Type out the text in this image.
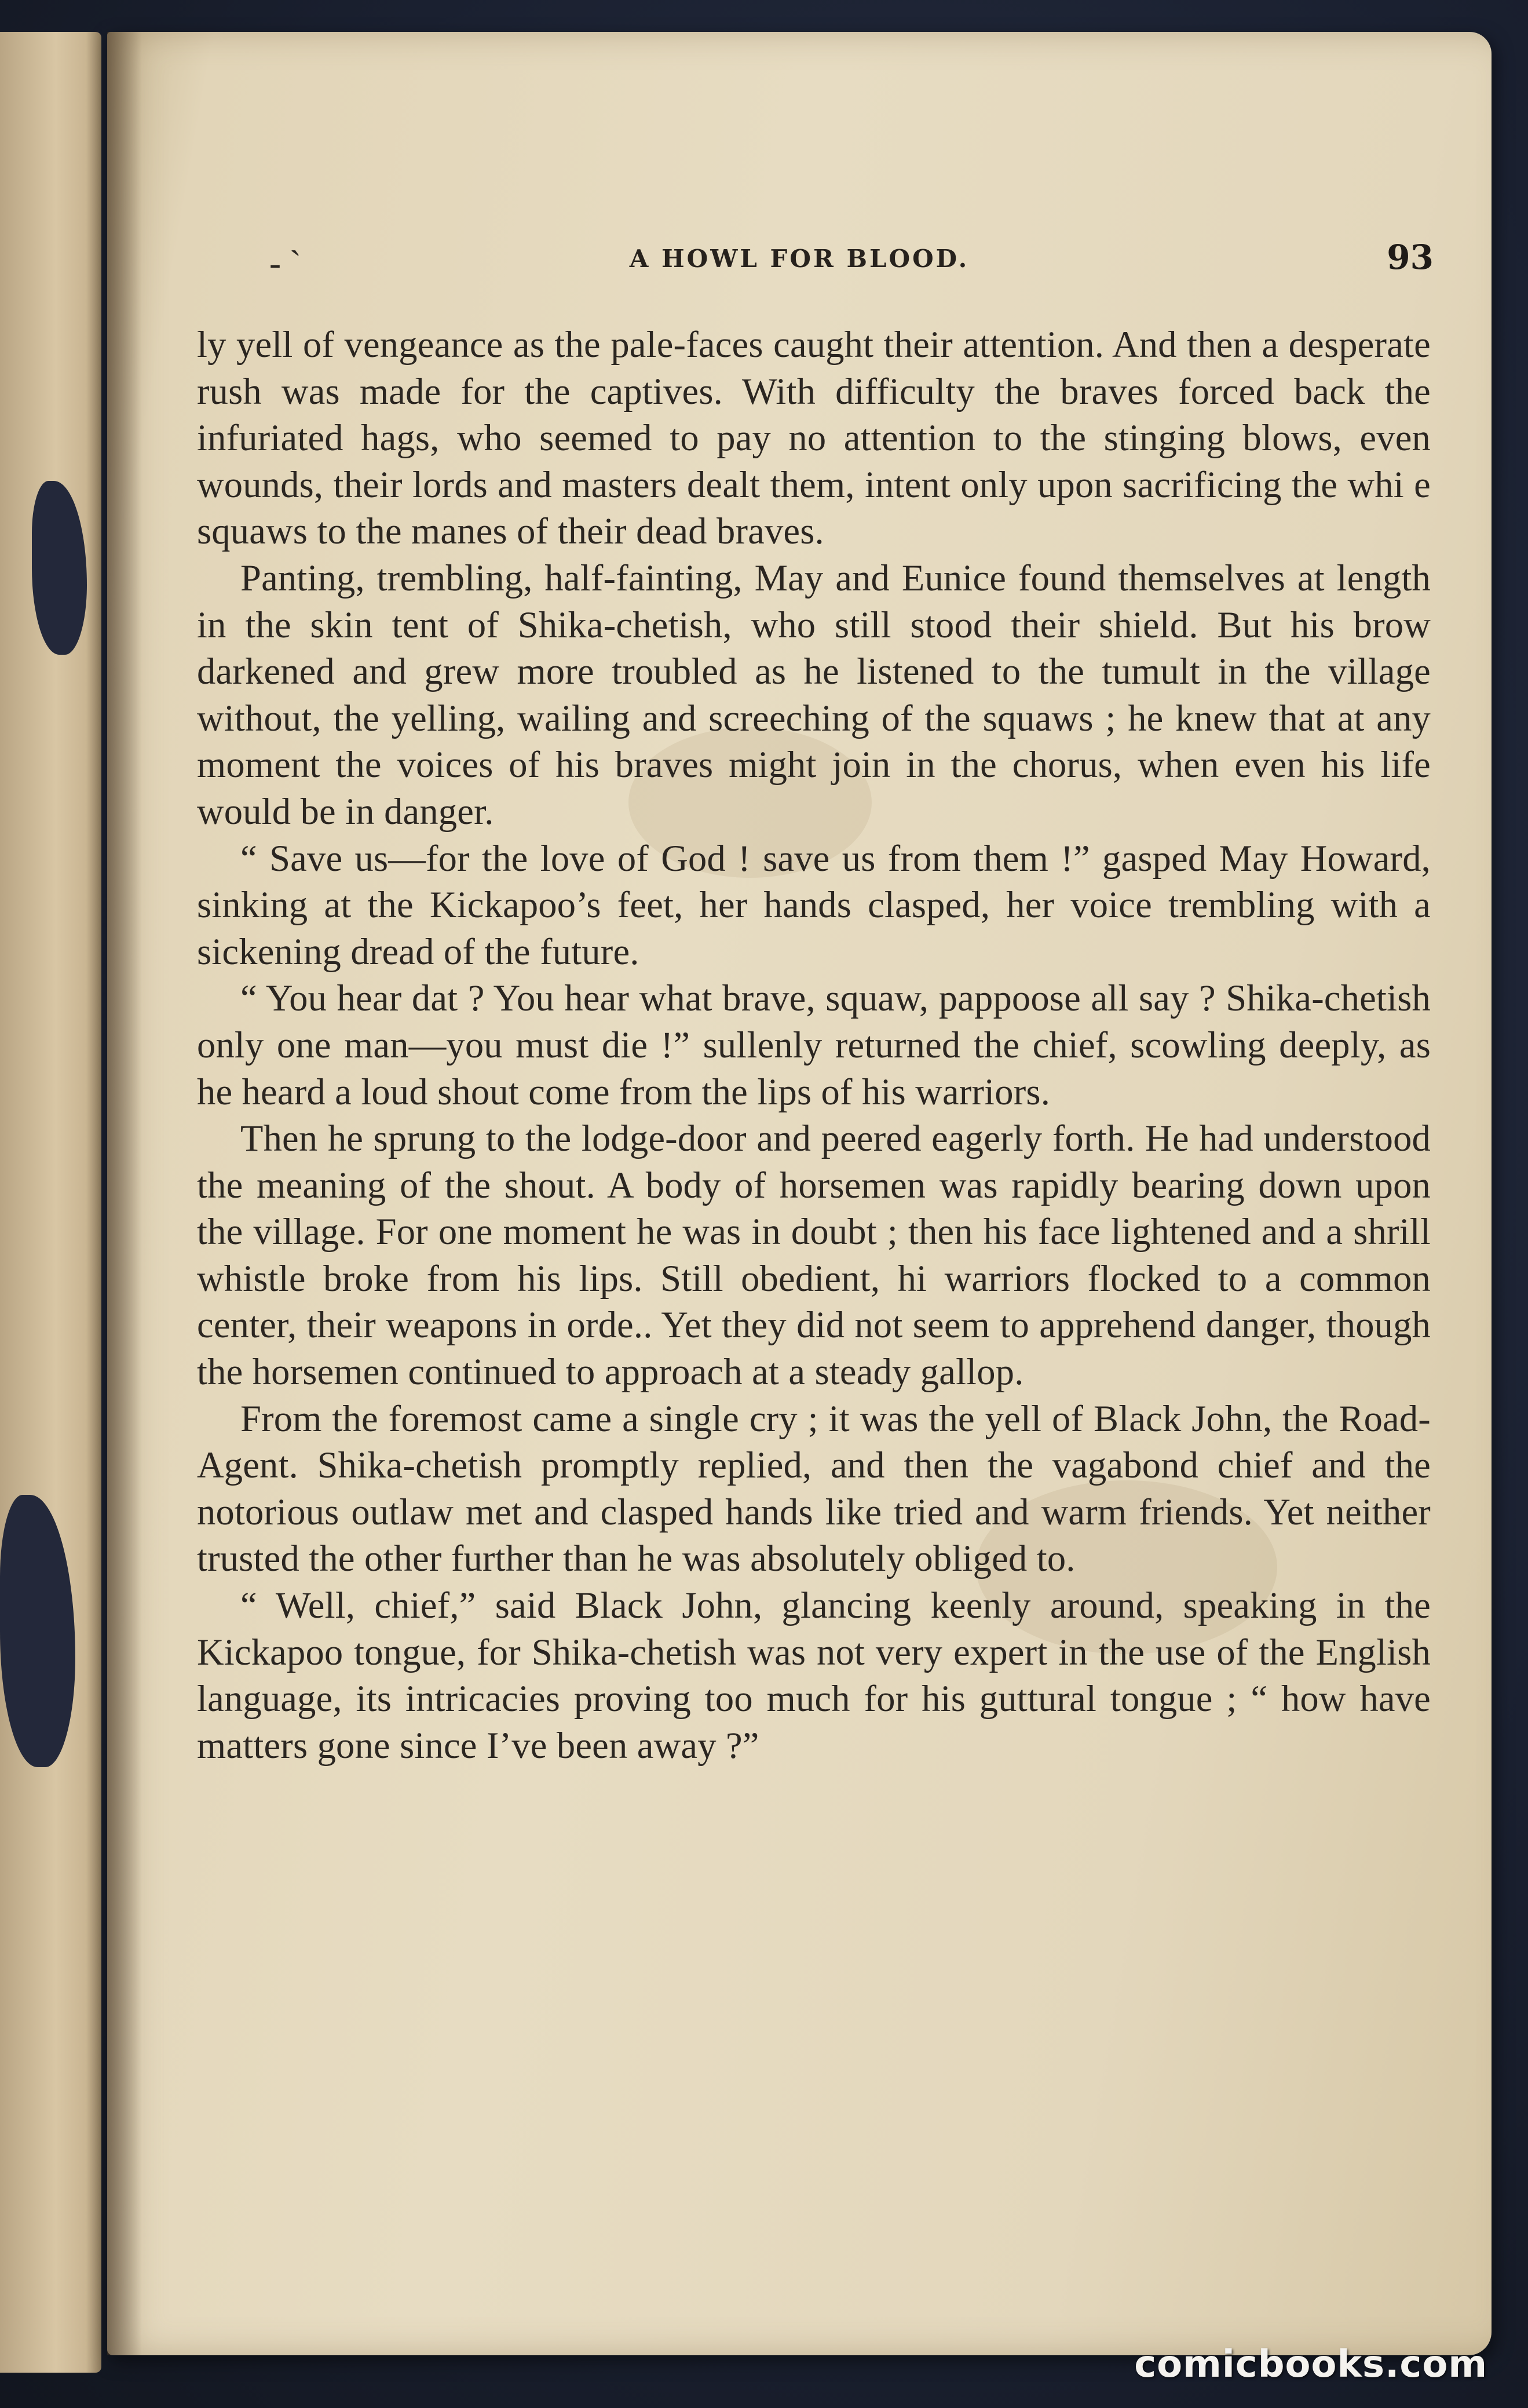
- `	A HOWL FOR BLOOD.	93

ly yell of vengeance as the pale-faces caught their attention. And then a desperate rush was made for the captives. With difficulty the braves forced back the infuriated hags, who seemed to pay no attention to the stinging blows, even wounds, their lords and masters dealt them, intent only upon sacrificing the whi e squaws to the manes of their dead braves.

Panting, trembling, half-fainting, May and Eunice found themselves at length in the skin tent of Shika-chetish, who still stood their shield. But his brow darkened and grew more troubled as he listened to the tumult in the village without, the yelling, wailing and screeching of the squaws ; he knew that at any moment the voices of his braves might join in the chorus, when even his life would be in danger.

“ Save us—for the love of God ! save us from them !” gasped May Howard, sinking at the Kickapoo’s feet, her hands clasped, her voice trembling with a sickening dread of the future.

“ You hear dat ? You hear what brave, squaw, pappoose all say ? Shika-chetish only one man—you must die !” sullenly returned the chief, scowling deeply, as he heard a loud shout come from the lips of his warriors.

Then he sprung to the lodge-door and peered eagerly forth. He had understood the meaning of the shout. A body of horsemen was rapidly bearing down upon the village. For one moment he was in doubt ; then his face lightened and a shrill whistle broke from his lips. Still obedient, hi warriors flocked to a common center, their weapons in orde.. Yet they did not seem to apprehend danger, though the horsemen continued to approach at a steady gallop.

From the foremost came a single cry ; it was the yell of Black John, the Road-Agent. Shika-chetish promptly replied, and then the vagabond chief and the notorious outlaw met and clasped hands like tried and warm friends. Yet neither trusted the other further than he was absolutely obliged to.

“ Well, chief,” said Black John, glancing keenly around, speaking in the Kickapoo tongue, for Shika-chetish was not very expert in the use of the English language, its intricacies proving too much for his guttural tongue ; “ how have matters gone since I’ve been away ?”

comicbooks.com
